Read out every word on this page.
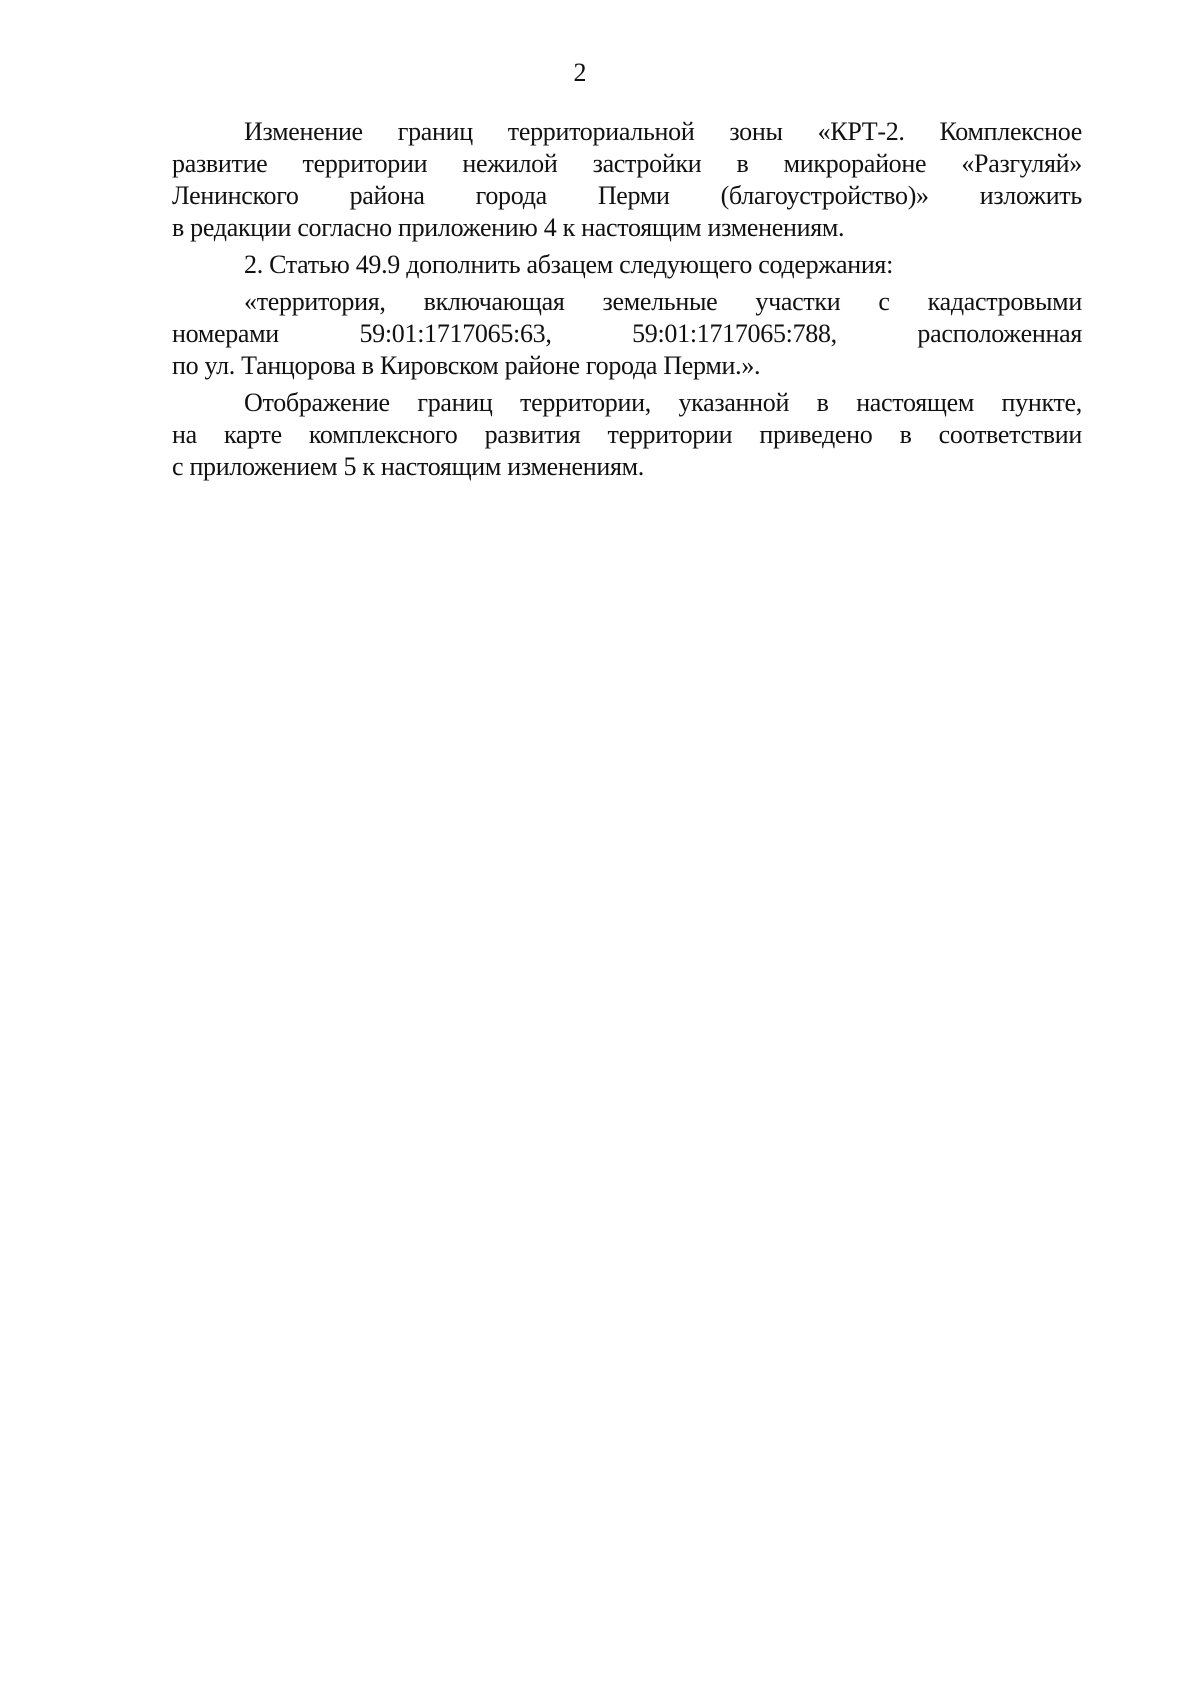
2
Изменение границ территориальной зоны «КРТ-2. Комплексное
развитие территории нежилой застройки в микрорайоне «Разгуляй»
Ленинского района города Перми (благоустройство)» изложить
в редакции согласно приложению 4 к настоящим изменениям.
2. Статью 49.9 дополнить абзацем следующего содержания:
«территория, включающая земельные участки с кадастровыми
номерами	59:01:1717065:63,	59:01:1717065:788,	расположенная
по ул. Танцорова в Кировском районе города Перми.».
Отображение границ территории, указанной в настоящем пункте,
на карте комплексного развития территории приведено в соответствии
с приложением 5 к настоящим изменениям.
